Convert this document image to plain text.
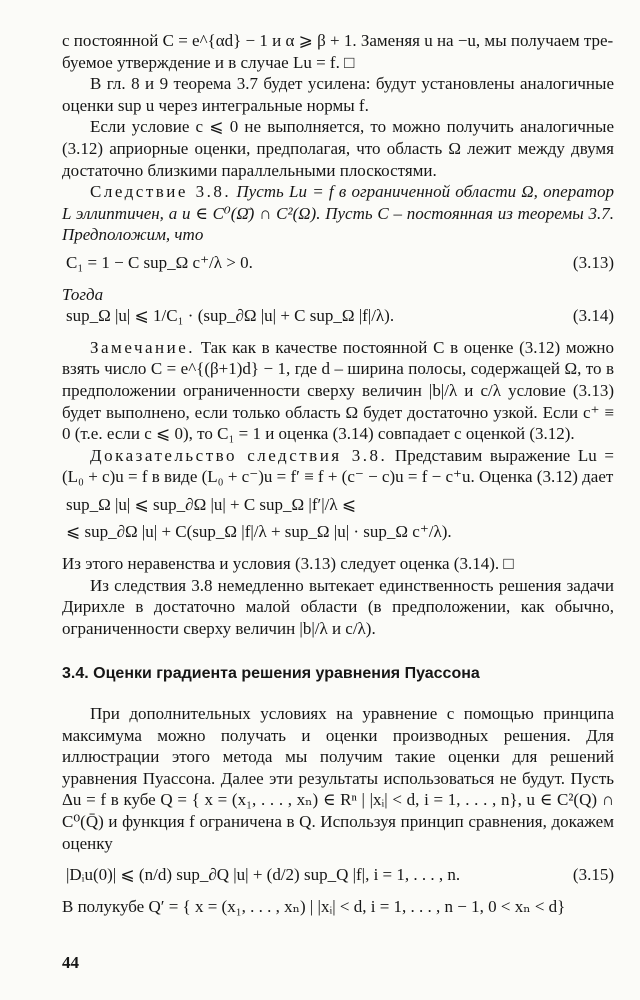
с постоянной C = e^{αd} − 1 и α ⩾ β + 1. Заменяя u на −u, мы получаем тре-

буемое утверждение и в случае Lu = f. □

В гл. 8 и 9 теорема 3.7 будет усилена: будут установлены аналогичные оценки sup u через интегральные нормы f.

Если условие c ⩽ 0 не выполняется, то можно получить аналогичные (3.12) априорные оценки, предполагая, что область Ω лежит между двумя достаточно близкими параллельными плоскостями.

Следствие 3.8. Пусть Lu = f в ограниченной области Ω, оператор L эллиптичен, а u ∈ C⁰(Ω̄) ∩ C²(Ω). Пусть C – постоянная из теоремы 3.7. Предположим, что

C₁ = 1 − C sup_Ω c⁺/λ > 0.	(3.13)

Тогда

sup_Ω |u| ⩽ 1/C₁ · (sup_∂Ω |u| + C sup_Ω |f|/λ).	(3.14)

Замечание. Так как в качестве постоянной C в оценке (3.12) можно взять число C = e^{(β+1)d} − 1, где d – ширина полосы, содержащей Ω, то в предположении ограниченности сверху величин |b|/λ и c/λ условие (3.13) будет выполнено, если только область Ω будет достаточно узкой. Если c⁺ ≡ 0 (т.е. если c ⩽ 0), то C₁ = 1 и оценка (3.14) совпадает с оценкой (3.12).

Доказательство следствия 3.8. Представим выражение Lu = (L₀ + c)u = f в виде (L₀ + c⁻)u = f′ ≡ f + (c⁻ − c)u = f − c⁺u. Оценка (3.12) дает

sup_Ω |u| ⩽ sup_∂Ω |u| + C sup_Ω |f′|/λ ⩽
⩽ sup_∂Ω |u| + C(sup_Ω |f|/λ + sup_Ω |u| · sup_Ω c⁺/λ).

Из этого неравенства и условия (3.13) следует оценка (3.14). □

Из следствия 3.8 немедленно вытекает единственность решения задачи Дирихле в достаточно малой области (в предположении, как обычно, ограниченности сверху величин |b|/λ и c/λ).

3.4. Оценки градиента решения уравнения Пуассона

При дополнительных условиях на уравнение с помощью принципа максимума можно получать и оценки производных решения. Для иллюстрации этого метода мы получим такие оценки для решений уравнения Пуассона. Далее эти результаты использоваться не будут. Пусть Δu = f в кубе Q = { x = (x₁, . . . , xₙ) ∈ Rⁿ | |xᵢ| < d, i = 1, . . . , n}, u ∈ C²(Q) ∩ C⁰(Q̄) и функция f ограничена в Q. Используя принцип сравнения, докажем оценку

|Dᵢu(0)| ⩽ (n/d) sup_∂Q |u| + (d/2) sup_Q |f|, i = 1, . . . , n.	(3.15)

В полукубе Q′ = { x = (x₁, . . . , xₙ) | |xᵢ| < d, i = 1, . . . , n − 1, 0 < xₙ < d}

44
